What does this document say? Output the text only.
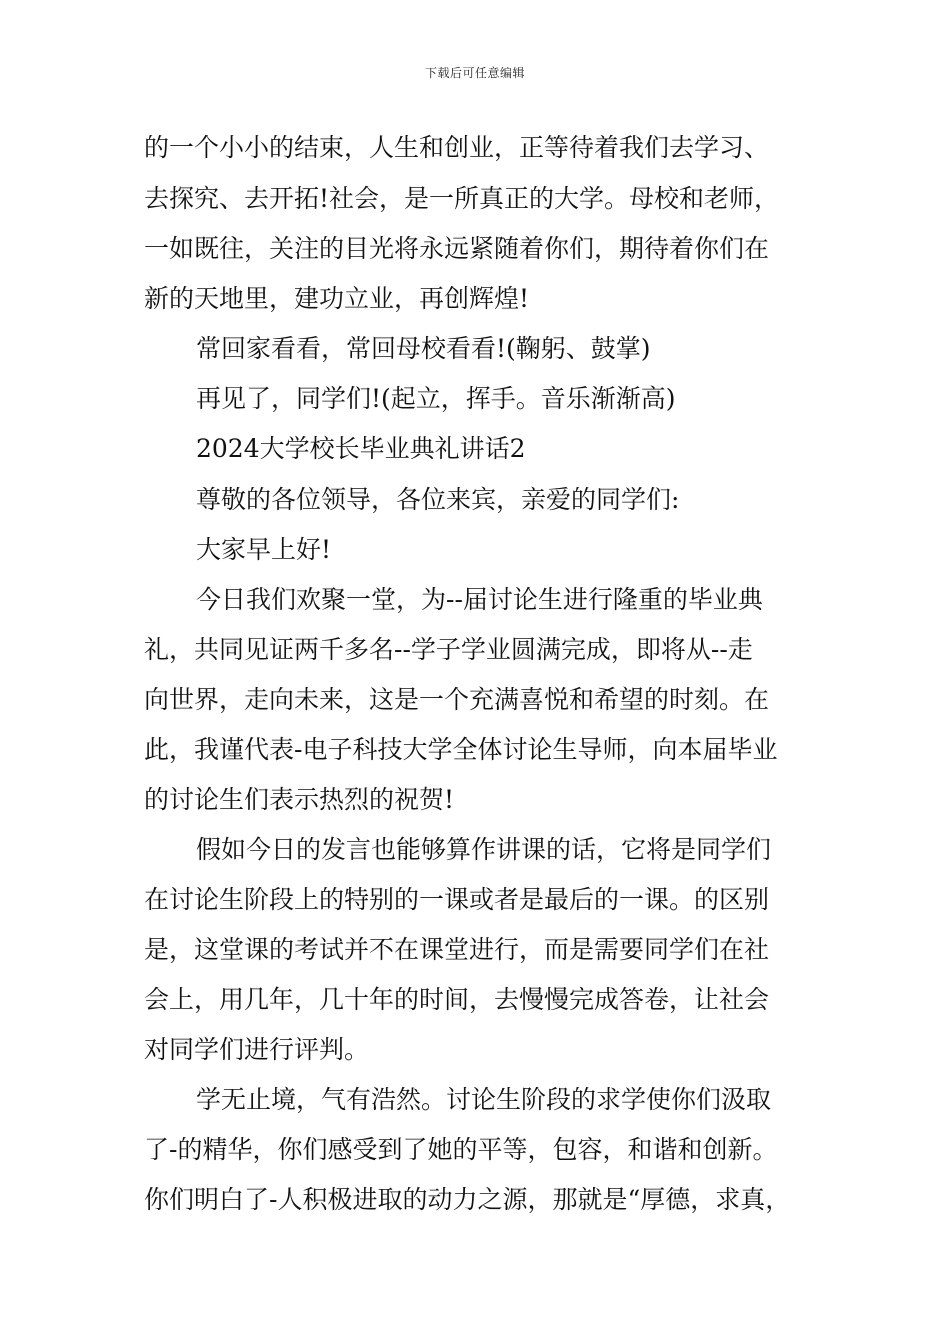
下载后可任意编辑
的一个小小的结束，人生和创业，正等待着我们去学习、
去探究、去开拓!社会，是一所真正的大学。母校和老师，
一如既往，关注的目光将永远紧随着你们，期待着你们在
新的天地里，建功立业，再创辉煌!
常回家看看，常回母校看看!(鞠躬、鼓掌)
再见了，同学们!(起立，挥手。音乐渐渐高)
2024大学校长毕业典礼讲话2
尊敬的各位领导，各位来宾，亲爱的同学们:
大家早上好!
今日我们欢聚一堂，为--届讨论生进行隆重的毕业典
礼，共同见证两千多名--学子学业圆满完成，即将从--走
向世界，走向未来，这是一个充满喜悦和希望的时刻。在
此，我谨代表-电子科技大学全体讨论生导师，向本届毕业
的讨论生们表示热烈的祝贺!
假如今日的发言也能够算作讲课的话，它将是同学们
在讨论生阶段上的特别的一课或者是最后的一课。的区别
是，这堂课的考试并不在课堂进行，而是需要同学们在社
会上，用几年，几十年的时间，去慢慢完成答卷，让社会
对同学们进行评判。
学无止境，气有浩然。讨论生阶段的求学使你们汲取
了-的精华，你们感受到了她的平等，包容，和谐和创新。
你们明白了-人积极进取的动力之源，那就是“厚德，求真，
